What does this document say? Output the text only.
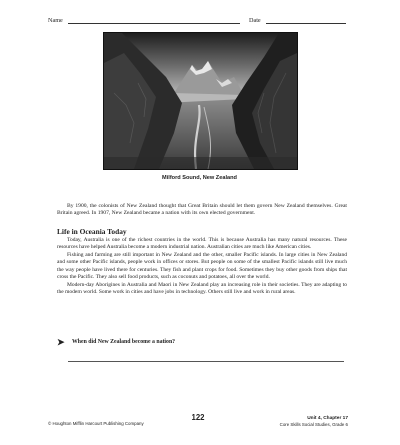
Name	Date
Milford Sound, New Zealand

By 1900, the colonists of New Zealand thought that Great Britain should let them govern New Zealand themselves. Great Britain agreed. In 1907, New Zealand became a nation with its own elected government.

Life in Oceania Today

Today, Australia is one of the richest countries in the world. This is because Australia has many natural resources. These resources have helped Australia become a modern industrial nation. Australian cities are much like American cities.

Fishing and farming are still important in New Zealand and the other, smaller Pacific islands. In large cities in New Zealand and some other Pacific islands, people work in offices or stores. But people on some of the smallest Pacific islands still live much the way people have lived there for centuries. They fish and plant crops for food. Sometimes they buy other goods from ships that cross the Pacific. They also sell food products, such as coconuts and potatoes, all over the world.

Modern-day Aborigines in Australia and Maori in New Zealand play an increasing role in their societies. They are adapting to the modern world. Some work in cities and have jobs in technology. Others still live and work in rural areas.

➤ When did New Zealand become a nation?
© Houghton Mifflin Harcourt Publishing Company
122	Unit 4, Chapter 17
Core Skills Social Studies, Grade 6
